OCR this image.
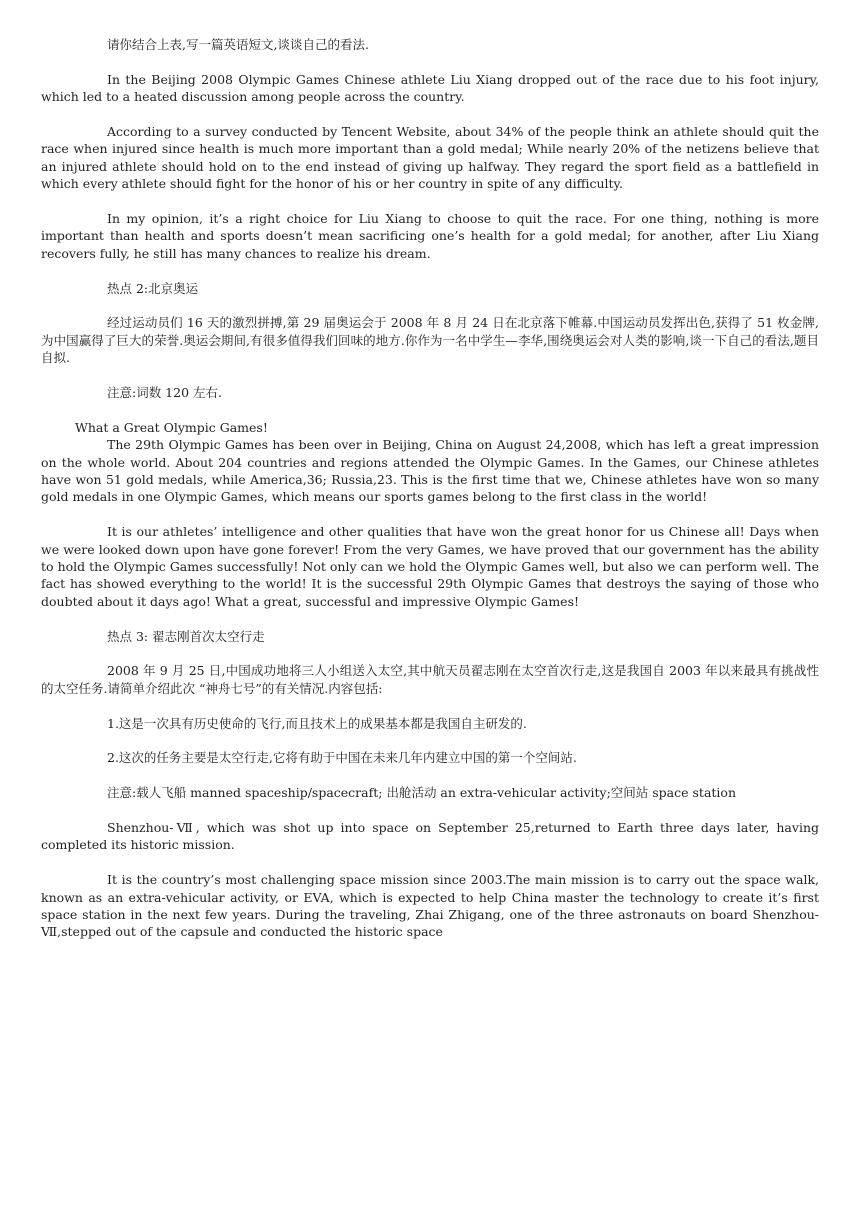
请你结合上表,写一篇英语短文,谈谈自己的看法.

In the Beijing 2008 Olympic Games Chinese athlete Liu Xiang dropped out of the race due to his foot injury, which led to a heated discussion among people across the country.

According to a survey conducted by Tencent Website, about 34% of the people think an athlete should quit the race when injured since health is much more important than a gold medal; While nearly 20% of the netizens believe that an injured athlete should hold on to the end instead of giving up halfway. They regard the sport field as a battlefield in which every athlete should fight for the honor of his or her country in spite of any difficulty.

In my opinion, it’s a right choice for Liu Xiang to choose to quit the race. For one thing, nothing is more important than health and sports doesn’t mean sacrificing one’s health for a gold medal; for another, after Liu Xiang recovers fully, he still has many chances to realize his dream.

热点 2:北京奥运

经过运动员们 16 天的激烈拼搏,第 29 届奥运会于 2008 年 8 月 24 日在北京落下帷幕.中国运动员发挥出色,获得了 51 枚金牌,为中国赢得了巨大的荣誉.奥运会期间,有很多值得我们回味的地方.你作为一名中学生—李华,围绕奥运会对人类的影响,谈一下自己的看法,题目自拟.

注意:词数 120 左右.

What a Great Olympic Games!

The 29th Olympic Games has been over in Beijing, China on August 24,2008, which has left a great impression on the whole world. About 204 countries and regions attended the Olympic Games. In the Games, our Chinese athletes have won 51 gold medals, while America,36; Russia,23. This is the first time that we, Chinese athletes have won so many gold medals in one Olympic Games, which means our sports games belong to the first class in the world!

It is our athletes’ intelligence and other qualities that have won the great honor for us Chinese all! Days when we were looked down upon have gone forever! From the very Games, we have proved that our government has the ability to hold the Olympic Games successfully! Not only can we hold the Olympic Games well, but also we can perform well. The fact has showed everything to the world! It is the successful 29th Olympic Games that destroys the saying of those who doubted about it days ago! What a great, successful and impressive Olympic Games!

热点 3: 翟志刚首次太空行走

2008 年 9 月 25 日,中国成功地将三人小组送入太空,其中航天员翟志刚在太空首次行走,这是我国自 2003 年以来最具有挑战性的太空任务.请简单介绍此次 “神舟七号”的有关情况.内容包括:

1.这是一次具有历史使命的飞行,而且技术上的成果基本都是我国自主研发的.

2.这次的任务主要是太空行走,它将有助于中国在未来几年内建立中国的第一个空间站.

注意:载人飞船 manned spaceship/spacecraft; 出舱活动 an extra-vehicular activity;空间站 space station

Shenzhou-Ⅶ, which was shot up into space on September 25,returned to Earth three days later, having completed its historic mission.

It is the country’s most challenging space mission since 2003.The main mission is to carry out the space walk, known as an extra-vehicular activity, or EVA, which is expected to help China master the technology to create it’s first space station in the next few years. During the traveling, Zhai Zhigang, one of the three astronauts on board Shenzhou-Ⅶ,stepped out of the capsule and conducted the historic space
